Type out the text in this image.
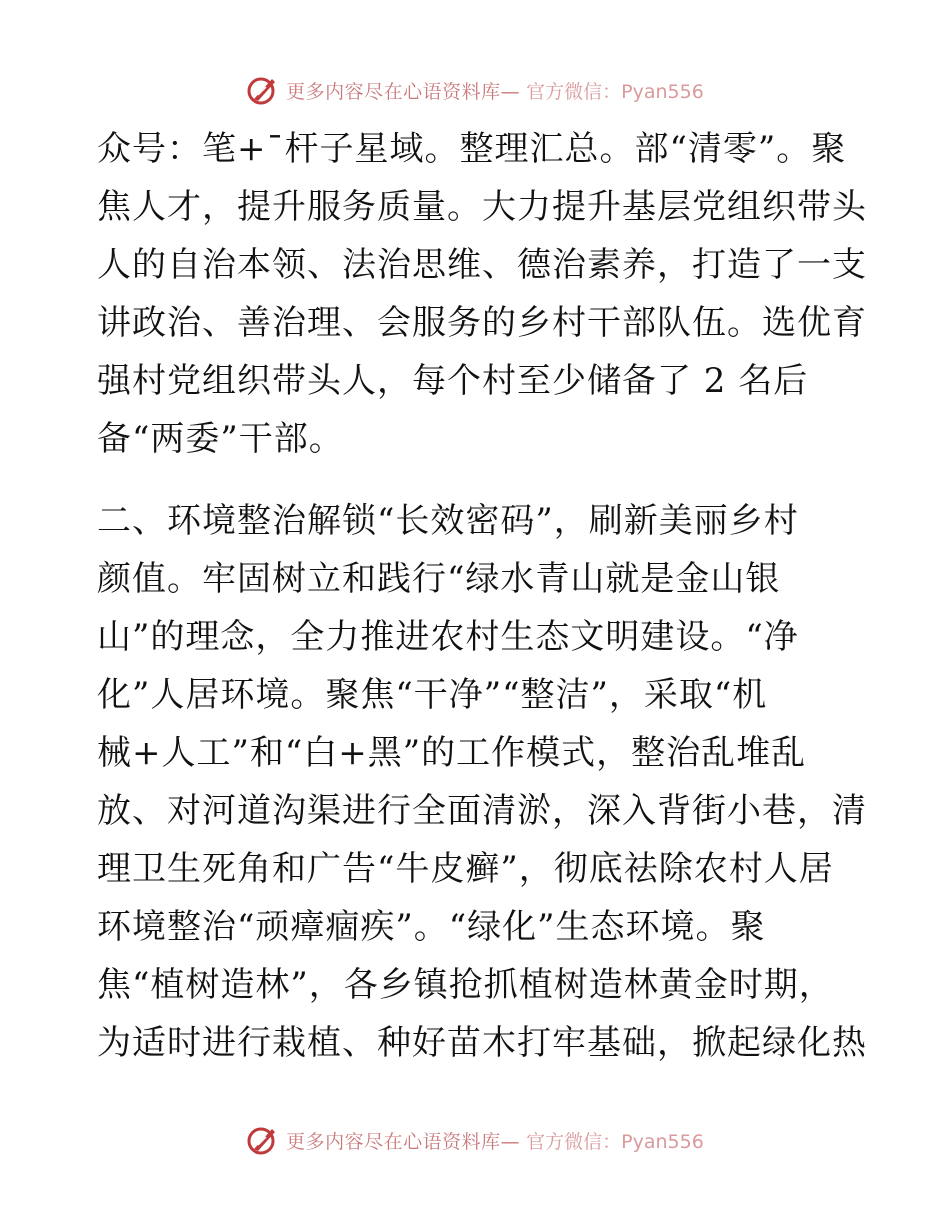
更多内容尽在心语资料库— 官方微信：Pyan556
众号：笔+¯杆子星域。整理汇总。部“清零”。聚
焦人才，提升服务质量。大力提升基层党组织带头
人的自治本领、法治思维、德治素养，打造了一支
讲政治、善治理、会服务的乡村干部队伍。选优育
强村党组织带头人，每个村至少储备了 2 名后
备“两委”干部。
二、环境整治解锁“长效密码”，刷新美丽乡村
颜值。牢固树立和践行“绿水青山就是金山银
山”的理念，全力推进农村生态文明建设。“净
化”人居环境。聚焦“干净”“整洁”，采取“机
械+人工”和“白+黑”的工作模式，整治乱堆乱
放、对河道沟渠进行全面清淤，深入背街小巷，清
理卫生死角和广告“牛皮癣”，彻底祛除农村人居
环境整治“顽瘴痼疾”。“绿化”生态环境。聚
焦“植树造林”，各乡镇抢抓植树造林黄金时期，
为适时进行栽植、种好苗木打牢基础，掀起绿化热
更多内容尽在心语资料库— 官方微信：Pyan556
